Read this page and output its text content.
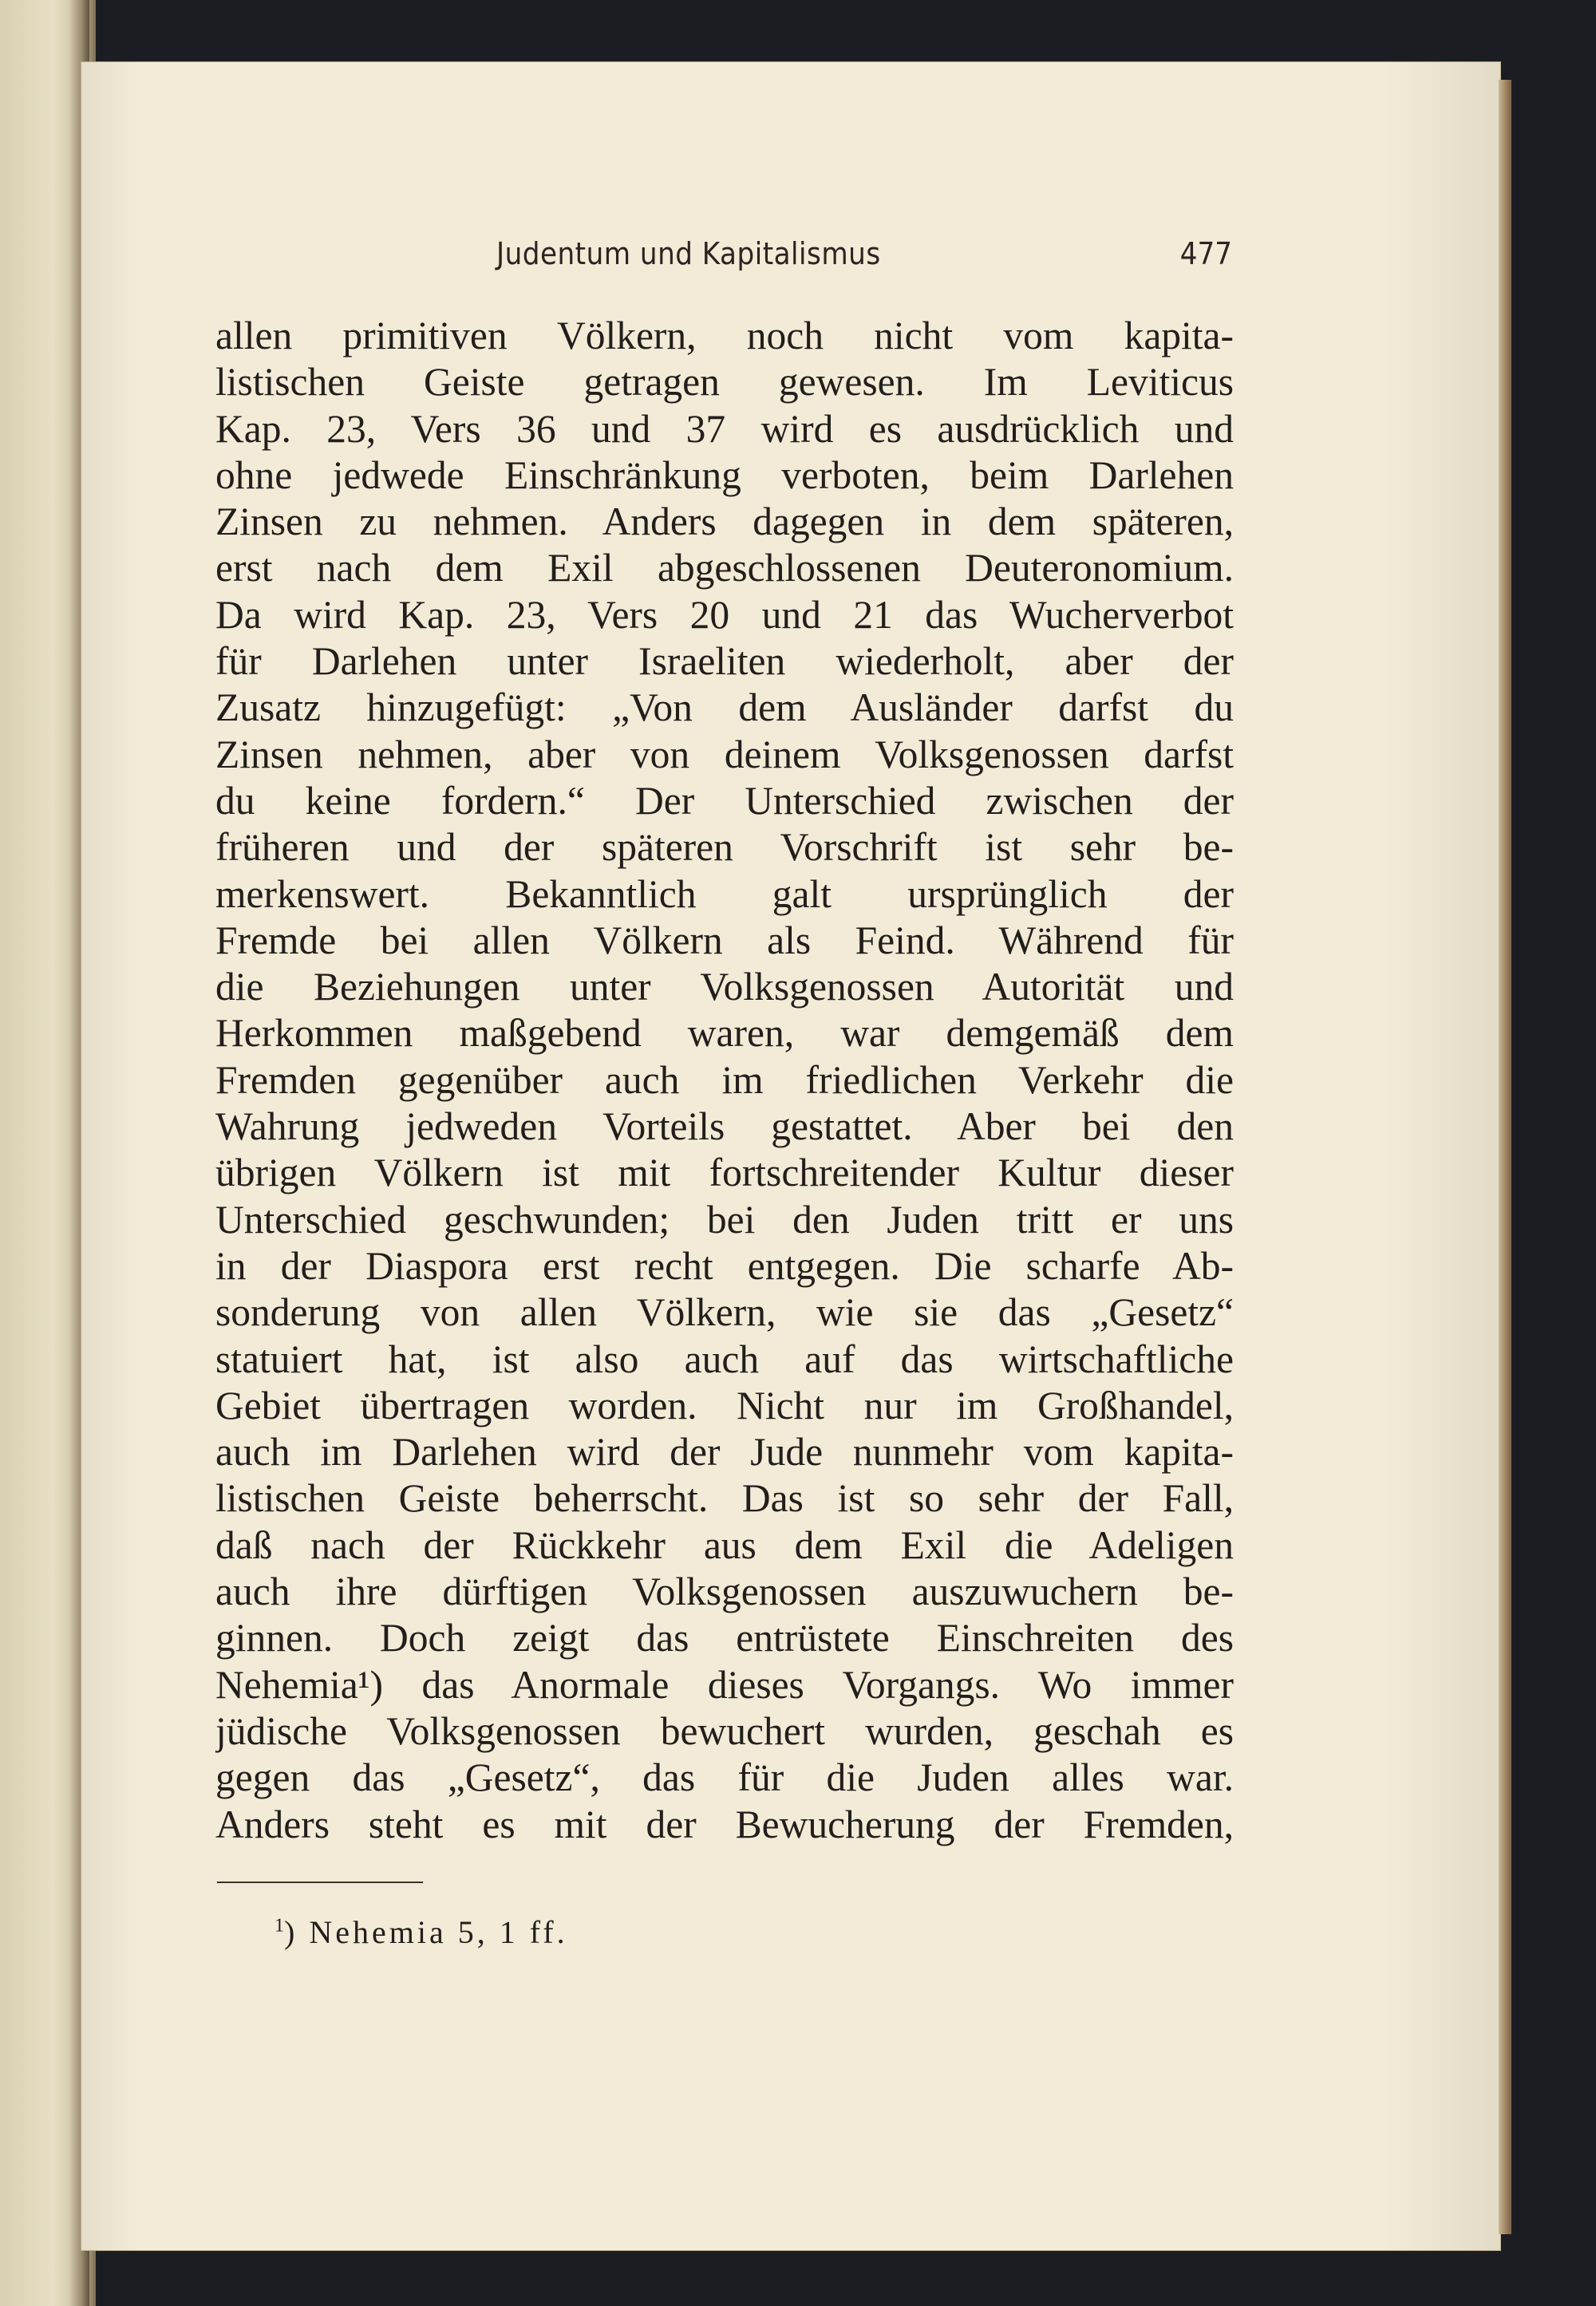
Judentum und Kapitalismus	477
allen primitiven Völkern, noch nicht vom kapita-
listischen Geiste getragen gewesen. Im Leviticus
Kap. 23, Vers 36 und 37 wird es ausdrücklich und
ohne jedwede Einschränkung verboten, beim Darlehen
Zinsen zu nehmen. Anders dagegen in dem späteren,
erst nach dem Exil abgeschlossenen Deuteronomium.
Da wird Kap. 23, Vers 20 und 21 das Wucherverbot
für Darlehen unter Israeliten wiederholt, aber der
Zusatz hinzugefügt: „Von dem Ausländer darfst du
Zinsen nehmen, aber von deinem Volksgenossen darfst
du keine fordern.“ Der Unterschied zwischen der
früheren und der späteren Vorschrift ist sehr be-
merkenswert. Bekanntlich galt ursprünglich der
Fremde bei allen Völkern als Feind. Während für
die Beziehungen unter Volksgenossen Autorität und
Herkommen maßgebend waren, war demgemäß dem
Fremden gegenüber auch im friedlichen Verkehr die
Wahrung jedweden Vorteils gestattet. Aber bei den
übrigen Völkern ist mit fortschreitender Kultur dieser
Unterschied geschwunden; bei den Juden tritt er uns
in der Diaspora erst recht entgegen. Die scharfe Ab-
sonderung von allen Völkern, wie sie das „Gesetz“
statuiert hat, ist also auch auf das wirtschaftliche
Gebiet übertragen worden. Nicht nur im Großhandel,
auch im Darlehen wird der Jude nunmehr vom kapita-
listischen Geiste beherrscht. Das ist so sehr der Fall,
daß nach der Rückkehr aus dem Exil die Adeligen
auch ihre dürftigen Volksgenossen auszuwuchern be-
ginnen. Doch zeigt das entrüstete Einschreiten des
Nehemia¹) das Anormale dieses Vorgangs. Wo immer
jüdische Volksgenossen bewuchert wurden, geschah es
gegen das „Gesetz“, das für die Juden alles war.
Anders steht es mit der Bewucherung der Fremden,
$^1$) Nehemia 5, 1 ff.
